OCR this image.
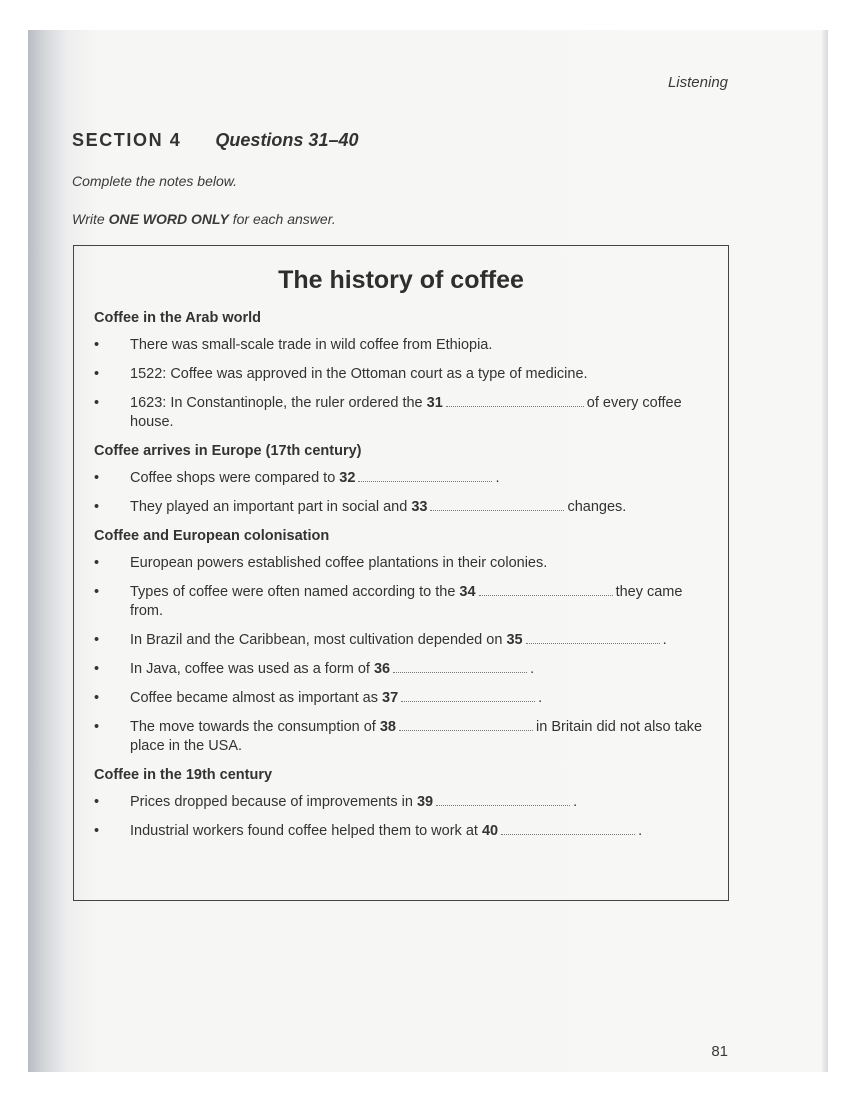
Listening
SECTION 4 Questions 31–40
Complete the notes below.
Write ONE WORD ONLY for each answer.
The history of coffee
Coffee in the Arab world
• There was small-scale trade in wild coffee from Ethiopia.
• 1522: Coffee was approved in the Ottoman court as a type of medicine.
• 1623: In Constantinople, the ruler ordered the 31	of every coffee house.
Coffee arrives in Europe (17th century)
• Coffee shops were compared to 32	.
• They played an important part in social and 33	changes.
Coffee and European colonisation
• European powers established coffee plantations in their colonies.
• Types of coffee were often named according to the 34	they came from.
• In Brazil and the Caribbean, most cultivation depended on 35	.
• In Java, coffee was used as a form of 36	.
• Coffee became almost as important as 37	.
• The move towards the consumption of 38	in Britain did not also take place in the USA.
Coffee in the 19th century
• Prices dropped because of improvements in 39	.
• Industrial workers found coffee helped them to work at 40	.
81
